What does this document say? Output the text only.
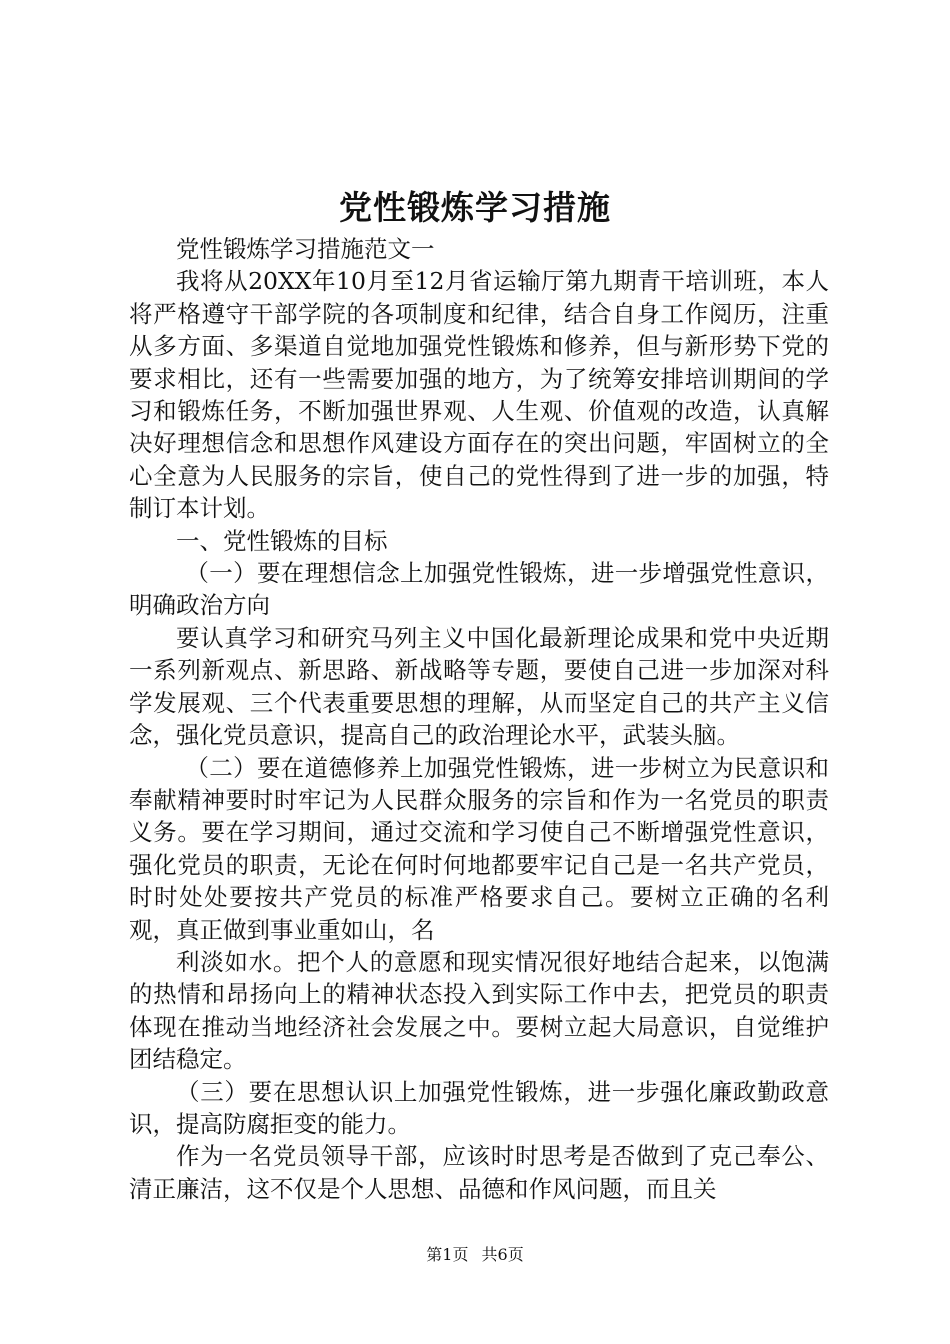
党性锻炼学习措施

党性锻炼学习措施范文一

我将从20XX年10月至12月省运输厅第九期青干培训班，本人将严格遵守干部学院的各项制度和纪律，结合自身工作阅历，注重从多方面、多渠道自觉地加强党性锻炼和修养，但与新形势下党的要求相比，还有一些需要加强的地方，为了统筹安排培训期间的学习和锻炼任务，不断加强世界观、人生观、价值观的改造，认真解决好理想信念和思想作风建设方面存在的突出问题，牢固树立的全心全意为人民服务的宗旨，使自己的党性得到了进一步的加强，特制订本计划。

一、党性锻炼的目标

（一）要在理想信念上加强党性锻炼，进一步增强党性意识，明确政治方向

要认真学习和研究马列主义中国化最新理论成果和党中央近期一系列新观点、新思路、新战略等专题，要使自己进一步加深对科学发展观、三个代表重要思想的理解，从而坚定自己的共产主义信念，强化党员意识，提高自己的政治理论水平，武装头脑。

（二）要在道德修养上加强党性锻炼，进一步树立为民意识和奉献精神要时时牢记为人民群众服务的宗旨和作为一名党员的职责义务。要在学习期间，通过交流和学习使自己不断增强党性意识，强化党员的职责，无论在何时何地都要牢记自己是一名共产党员，时时处处要按共产党员的标准严格要求自己。要树立正确的名利观，真正做到事业重如山，名

利淡如水。把个人的意愿和现实情况很好地结合起来，以饱满的热情和昂扬向上的精神状态投入到实际工作中去，把党员的职责体现在推动当地经济社会发展之中。要树立起大局意识，自觉维护团结稳定。

（三）要在思想认识上加强党性锻炼，进一步强化廉政勤政意识，提高防腐拒变的能力。

作为一名党员领导干部，应该时时思考是否做到了克己奉公、清正廉洁，这不仅是个人思想、品德和作风问题，而且关

第1页 共6页
